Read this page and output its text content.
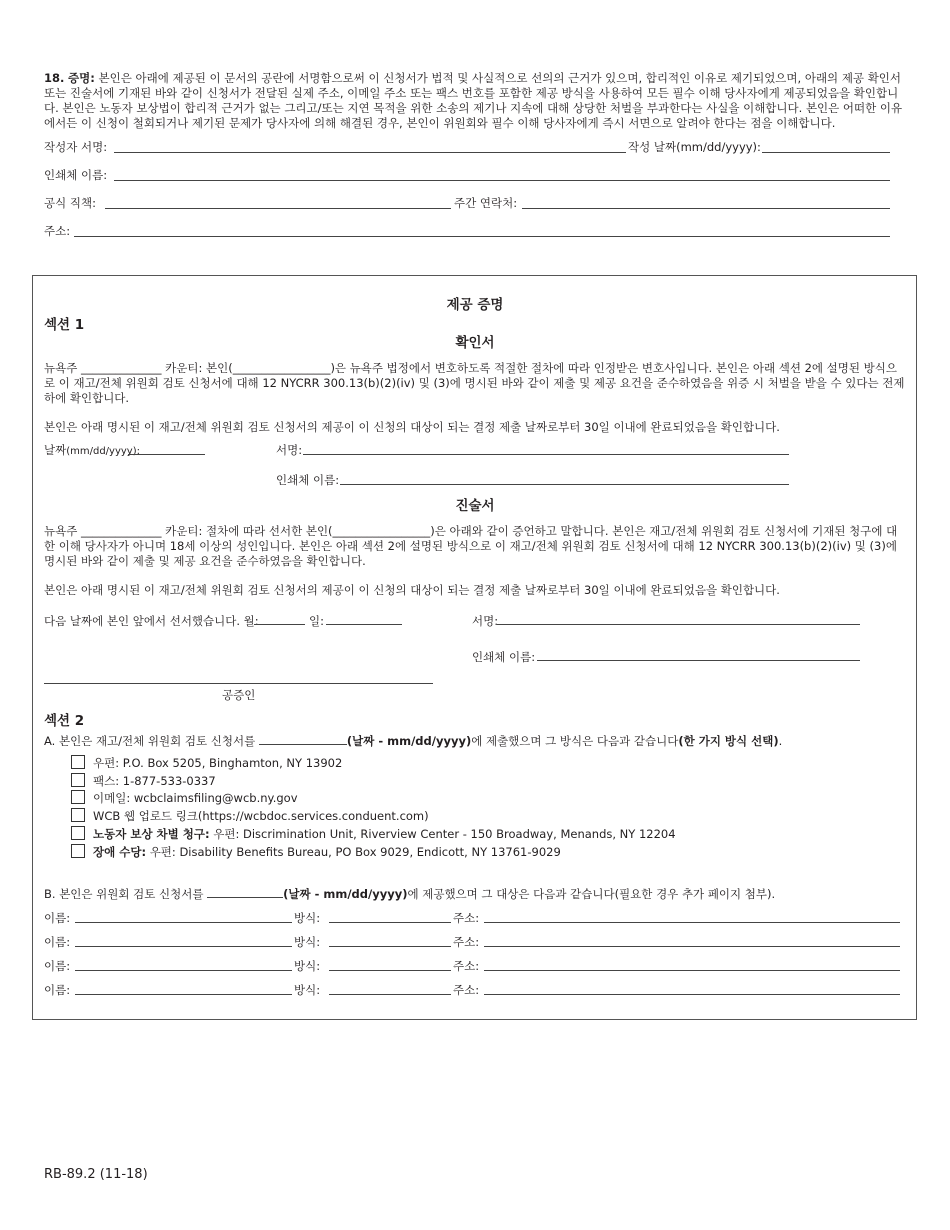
18. 증명: 본인은 아래에 제공된 이 문서의 공란에 서명함으로써 이 신청서가 법적 및 사실적으로 선의의 근거가 있으며, 합리적인 이유로 제기되었으며, 아래의 제공 확인서 또는 진술서에 기재된 바와 같이 신청서가 전달된 실제 주소, 이메일 주소 또는 팩스 번호를 포함한 제공 방식을 사용하여 모든 필수 이해 당사자에게 제공되었음을 확인합니다. 본인은 노동자 보상법이 합리적 근거가 없는 그리고/또는 지연 목적을 위한 소송의 제기나 지속에 대해 상당한 처벌을 부과한다는 사실을 이해합니다. 본인은 어떠한 이유에서든 이 신청이 철회되거나 제기된 문제가 당사자에 의해 해결된 경우, 본인이 위원회와 필수 이해 당사자에게 즉시 서면으로 알려야 한다는 점을 이해합니다.
작성자 서명:	작성 날짜(mm/dd/yyyy):
인쇄체 이름:
공식 직책:	주간 연락처:
주소:
제공 증명
섹션 1
확인서
뉴욕주 ______________ 카운티: 본인(_________________)은 뉴욕주 법정에서 변호하도록 적절한 절차에 따라 인정받은 변호사입니다. 본인은 아래 섹션 2에 설명된 방식으로 이 재고/전체 위원회 검토 신청서에 대해 12 NYCRR 300.13(b)(2)(iv) 및 (3)에 명시된 바와 같이 제출 및 제공 요건을 준수하였음을 위증 시 처벌을 받을 수 있다는 전제 하에 확인합니다.
본인은 아래 명시된 이 재고/전체 위원회 검토 신청서의 제공이 이 신청의 대상이 되는 결정 제출 날짜로부터 30일 이내에 완료되었음을 확인합니다.
날짜(mm/dd/yyyy):	서명:
인쇄체 이름:
진술서
뉴욕주 ______________ 카운티: 절차에 따라 선서한 본인(_________________)은 아래와 같이 증언하고 말합니다. 본인은 재고/전체 위원회 검토 신청서에 기재된 청구에 대한 이해 당사자가 아니며 18세 이상의 성인입니다. 본인은 아래 섹션 2에 설명된 방식으로 이 재고/전체 위원회 검토 신청서에 대해 12 NYCRR 300.13(b)(2)(iv) 및 (3)에 명시된 바와 같이 제출 및 제공 요건을 준수하였음을 확인합니다.
본인은 아래 명시된 이 재고/전체 위원회 검토 신청서의 제공이 이 신청의 대상이 되는 결정 제출 날짜로부터 30일 이내에 완료되었음을 확인합니다.
다음 날짜에 본인 앞에서 선서했습니다. 월:	일:	서명:
인쇄체 이름:
공증인
섹션 2
A. 본인은 재고/전체 위원회 검토 신청서를	(날짜 - mm/dd/yyyy)에 제출했으며 그 방식은 다음과 같습니다(한 가지 방식 선택).
우편: P.O. Box 5205, Binghamton, NY 13902
팩스: 1-877-533-0337
이메일: wcbclaimsfiling@wcb.ny.gov
WCB 웹 업로드 링크(https://wcbdoc.services.conduent.com)
노동자 보상 차별 청구: 우편: Discrimination Unit, Riverview Center - 150 Broadway, Menands, NY 12204
장애 수당: 우편: Disability Benefits Bureau, PO Box 9029, Endicott, NY 13761-9029
B. 본인은 위원회 검토 신청서를	(날짜 - mm/dd/yyyy)에 제공했으며 그 대상은 다음과 같습니다(필요한 경우 추가 페이지 첨부).
이름:	방식:	주소:
이름:	방식:	주소:
이름:	방식:	주소:
이름:	방식:	주소:
RB-89.2 (11-18)
